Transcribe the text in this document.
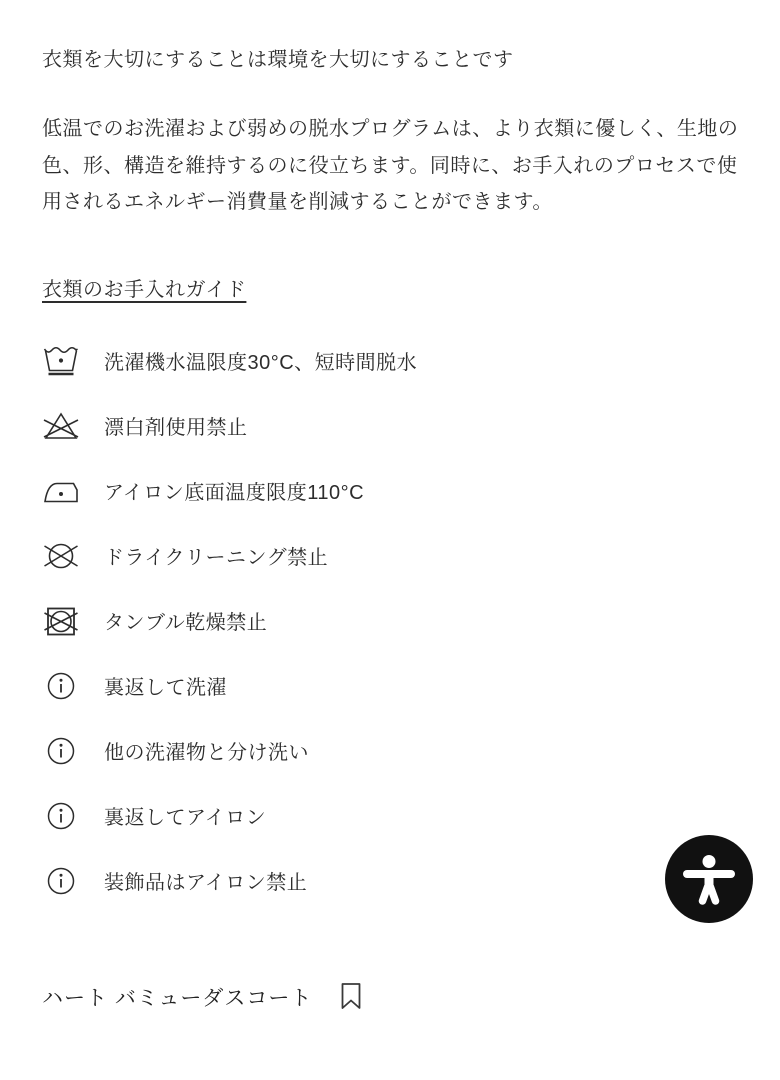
衣類を大切にすることは環境を大切にすることです

低温でのお洗濯および弱めの脱水プログラムは、より衣類に優しく、生地の色、形、構造を維持するのに役立ちます。同時に、お手入れのプロセスで使用されるエネルギー消費量を削減することができます。

衣類のお手入れガイド
洗濯機水温限度30°C、短時間脱水
漂白剤使用禁止
アイロン底面温度限度110°C
ドライクリーニング禁止
タンブル乾燥禁止
裏返して洗濯
他の洗濯物と分け洗い
裏返してアイロン
装飾品はアイロン禁止
ハート バミューダスコート
